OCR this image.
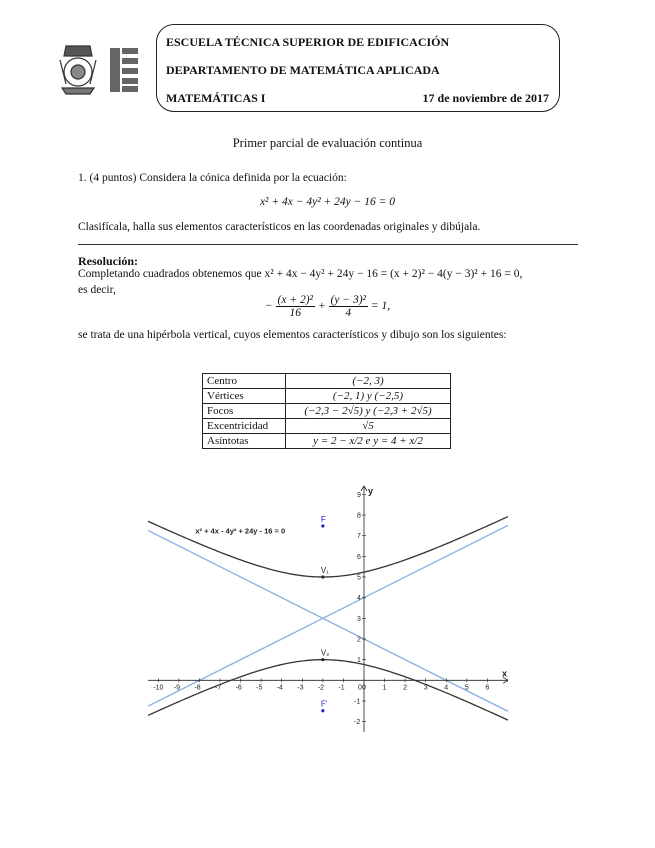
ESCUELA TÉCNICA SUPERIOR DE EDIFICACIÓN
DEPARTAMENTO DE MATEMÁTICA APLICADA
MATEMÁTICAS I	17 de noviembre de 2017
Primer parcial de evaluación continua
1. (4 puntos) Considera la cónica definida por la ecuación:
x² + 4x − 4y² + 24y − 16 = 0
Clasifícala, halla sus elementos característicos en las coordenadas originales y dibújala.
Resolución:
Completando cuadrados obtenemos que x² + 4x − 4y² + 24y − 16 = (x + 2)² − 4(y − 3)² + 16 = 0,
es decir,
− $\frac{\text{(x + 2)²}}{16} + \frac{\text{(y − 3)²}}{4} = 1$,
se trata de una hipérbola vertical, cuyos elementos característicos y dibujo son los siguientes:
Centro	(−2, 3)
Vértices	(−2, 1) y (−2,5)
Focos	(−2,3 − 2√5) y (−2,3 + 2√5)
Excentricidad	√5
Asíntotas	y = 2 − x/2 e y = 4 + x/2
-10 -9 -8 -7 -6 -5 -4 -3 -2 -1 0 1 2 3 4 5 6
0
-2
-1
1
2
3
4
5
6
7
8
9
x
y
F
V₁
V₂
F'
x² + 4x - 4y² + 24y - 16 = 0
